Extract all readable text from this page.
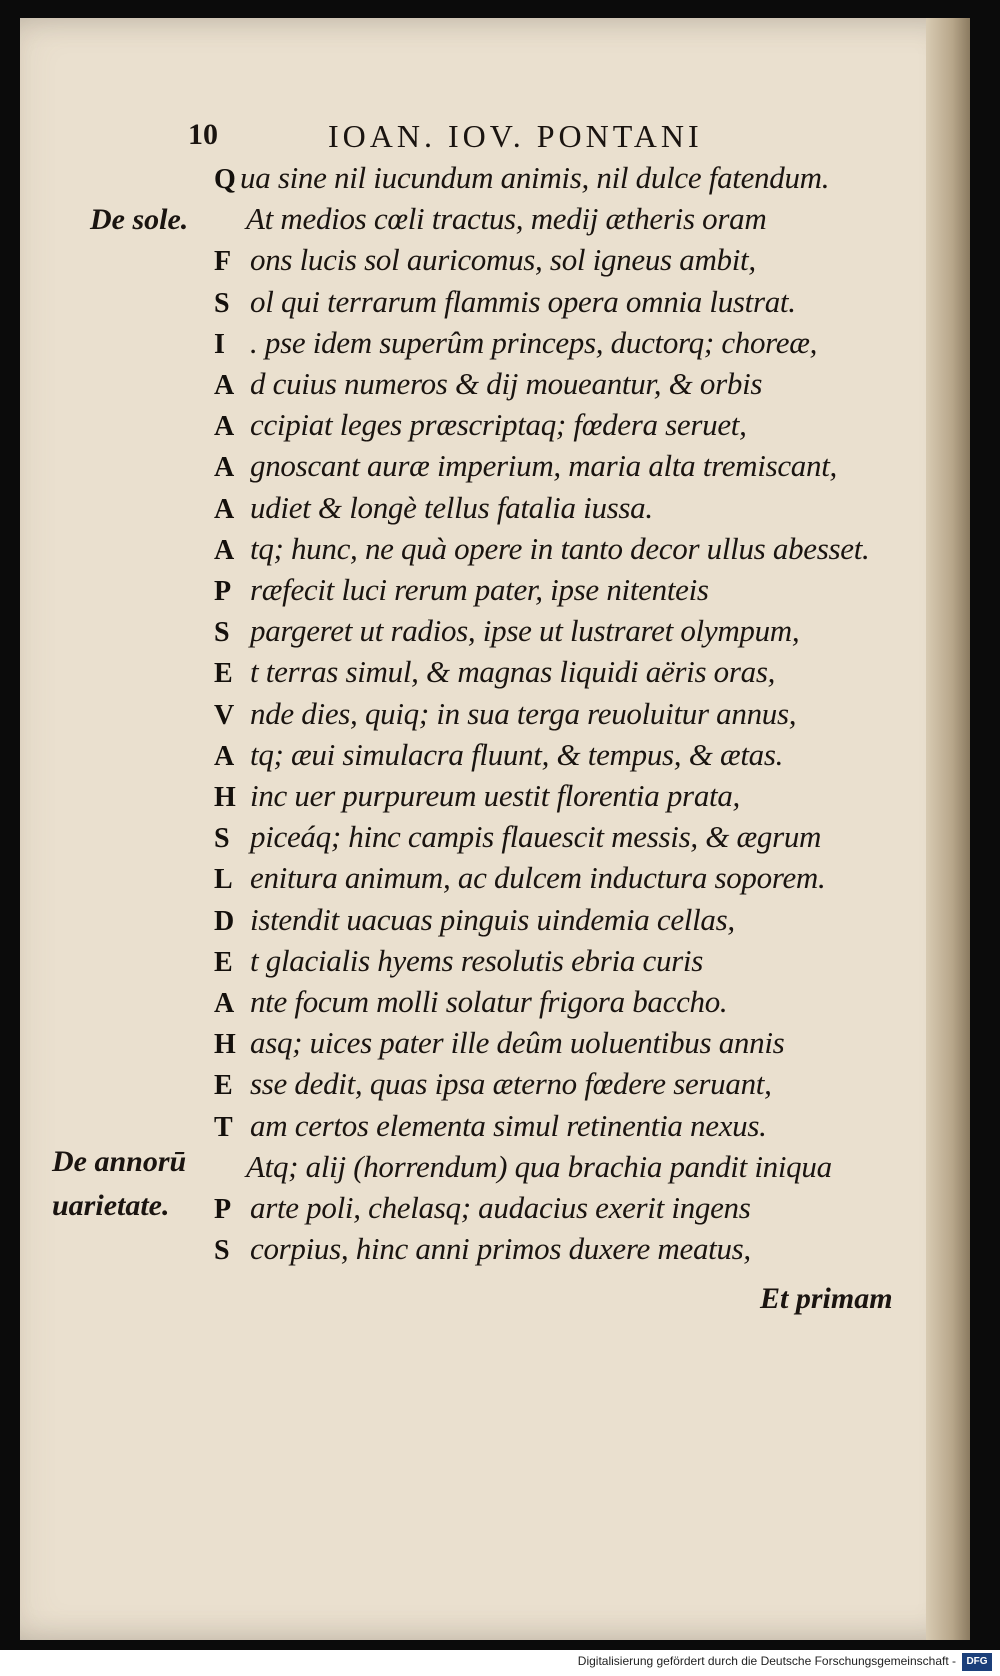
10	IOAN. IOV. PONTANI
De sole.
De annorū
uarietate.
Q ua sine nil iucundum animis, nil dulce fatendum.
At medios cœli tractus, medij ætheris oram
F ons lucis sol auricomus, sol igneus ambit,
S ol qui terrarum flammis opera omnia lustrat.
I . pse idem superûm princeps, ductorq; choreæ,
A d cuius numeros & dij moueantur, & orbis
A ccipiat leges præscriptaq; fœdera seruet,
A gnoscant auræ imperium, maria alta tremiscant,
A udiet & longè tellus fatalia iussa.
A tq; hunc, ne quà opere in tanto decor ullus abesset.
P ræfecit luci rerum pater, ipse nitenteis
S pargeret ut radios, ipse ut lustraret olympum,
E t terras simul, & magnas liquidi aëris oras,
V nde dies, quiq; in sua terga reuoluitur annus,
A tq; æui simulacra fluunt, & tempus, & ætas.
H inc uer purpureum uestit florentia prata,
S piceáq; hinc campis flauescit messis, & ægrum
L enitura animum, ac dulcem inductura soporem.
D istendit uacuas pinguis uindemia cellas,
E t glacialis hyems resolutis ebria curis
A nte focum molli solatur frigora baccho.
H asq; uices pater ille deûm uoluentibus annis
E sse dedit, quas ipsa æterno fœdere seruant,
T am certos elementa simul retinentia nexus.
Atq; alij (horrendum) qua brachia pandit iniqua
P arte poli, chelasq; audacius exerit ingens
S corpius, hinc anni primos duxere meatus,
Et primam
Digitalisierung gefördert durch die Deutsche Forschungsgemeinschaft -	DFG
